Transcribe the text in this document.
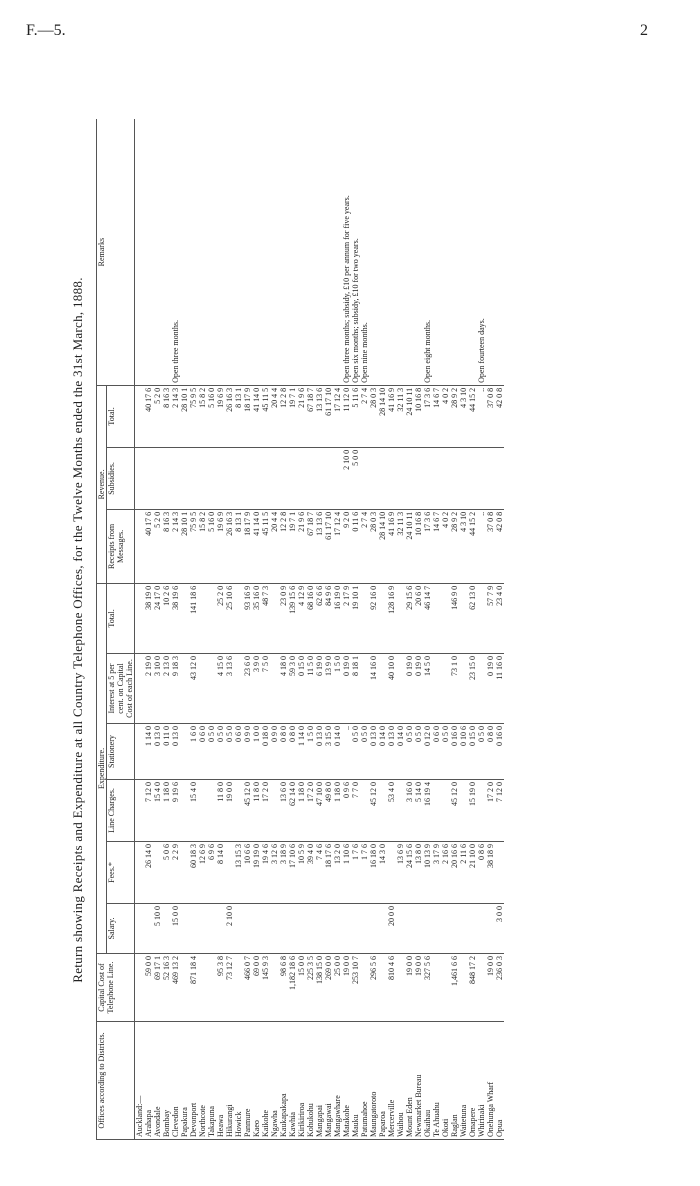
F.—5.	2
Return showing Receipts and Expenditure at all Country Telephone Offices, for the Twelve Months ended the 31st March, 1888.
Offices according to Districts.	Capital Cost of Telephone Line.	Expenditure.						Revenue.			Remarks
		Salary.	Fees.*	Line Charges.	Stationery	Interest at 5 per cent. on Capital Cost of each Line.	Total.	Receipts from Messages.	Subsidies.	Total.	
Auckland:—											
Arahapa	59 0 0		26 14 0	7 12 0	1 14 0	2 19 0	38 19 0	40 17 6		40 17 6	
Avondale	69 17 1	5 10 0		15 4 0	0 13 0	3 10 0	24 17 0	5 2 0		5 2 0	
Bombay	52 16 3		5 0 6	1 18 0	0 11 0	2 13 0	10 2 6	8 16 3		8 16 3	
Clevedon	469 13 2	15 0 0	2 2 9	9 19 6	0 13 0	9 18 3	38 19 6	2 14 3		2 14 3	Open three months.
Papakura								28 10 1		28 10 1	
Devonport	871 18 4		60 18 3	15 4 0	1 6 0	43 12 0	141 18 6	75 9 5		75 9 5	
Northcote			12 6 9		0 6 0			15 8 2		15 8 2	
Takapuna			6 9 6		0 5 0			5 16 0		5 16 0	
Heawa	95 3 8		8 14 0	11 8 0	0 5 0	4 15 0	25 2 0	19 6 9		19 6 9	
Hikurangi	73 12 7	2 10 0		19 0 0	0 5 0	3 13 6	25 10 6	26 16 3		26 16 3	
Howick			13 15 3		0 6 0			8 13 1		8 13 1	
Panmure	466 0 7		10 6 6	45 12 0	0 9 0	23 6 0	93 16 9	18 17 9		18 17 9	
Kaeo	69 0 0		19 19 0	11 8 0	1 0 0	3 9 0	35 16 0	41 14 0		41 14 0	
Kaikohe	145 9 3		19 4 6	17 2 0	0 18 0	7 5 0	48 7 3	45 11 5		45 11 5	
Ngawha			3 12 6		0 9 0			20 4 4		20 4 4	
Kaukapakapa	98 6 8		3 18 9	13 6 0	0 8 0	4 18 0	23 0 9	12 2 8		12 2 8	
Kawhia	1,182 18 6		17 10 6	62 14 0	0 8 0	59 3 0	139 15 6	19 7 1		19 7 1	
Kirikiriroa	15 0 0		10 5 9	1 18 0	1 14 0	0 15 0	4 12 9	21 9 6		21 9 6	
Kohukohu	225 3 5		39 4 0	17 2 0	1 5 0	11 5 0	68 16 0	67 18 7		67 18 7	
Mangapai	138 15 0		7 4 6	47 10 0	0 13 0	6 19 0	62 6 6	13 13 6		13 13 6	
Mangawai	269 0 0		18 17 6	49 8 0	3 15 0	13 9 0	84 9 6	61 17 10		61 17 10	
Mangawhare	25 0 0		13 2 0	1 18 0	0 14 0	1 5 0	16 19 0	17 12 4		17 12 4	
Matakohe	19 0 0		1 10 6	0 9 6	..	0 19 0	2 17 9	9 2 0	2 10 0	11 12 0	Open three months; subsidy, £10 per annum for five years.
Mauku	253 10 7		1 7 6	7 7 0	0 5 0	8 18 1	19 10 1	0 11 6	5 0 0	5 11 6	Open six months; subsidy, £10 for two years.
Patumahoe			1 7 6		0 5 0			2 7 4		2 7 4	Open nine months.
Maungatoroto	296 5 6		16 18 0	45 12 0	0 13 0	14 16 0	92 16 0	28 0 3		28 0 3	
Paparoa			14 3 0		0 14 0			28 14 10		28 14 10	
Mercerville	810 4 6	20 0 0		53 4 0	0 13 0	40 10 0	128 16 9	41 16 9		41 16 9	
Waihou			13 6 9		0 14 0			32 11 3		32 11 3	
Mount Eden	19 0 0		24 15 6	3 16 0	0 5 0	0 19 0	29 15 6	24 10 11		24 10 11	
Newmarket Bureau	19 0 0		13 8 0	5 14 0	0 5 0	0 19 0	20 6 0	10 16 8		10 16 8	
Okaihau	327 5 6		10 13 9	16 19 4	0 12 0	14 5 0	46 14 7	17 3 6		17 3 6	Open eight months.
Te Ahuahu			3 17 9		0 6 0			14 6 7		14 6 7	
Okoti			2 16 6		0 5 0			4 0 2		4 0 2	
Raglan	1,461 6 6		20 16 6	45 12 0	0 16 0	73 1 0	146 9 0	28 9 2		28 9 2	
Waitetuna			2 11 6		0 10 6			4 3 10		4 3 10	
Omapere	848 17 2		21 10 0	15 19 0	0 15 0	23 15 0	62 13 0	44 15 2		44 15 2	
Whirinaki			0 8 6		0 5 0			..		..	Open fourteen days.
Onehunga Wharf	19 0 0		38 18 9	17 2 0	0 8 0	0 19 0	57 7 9	37 0 8		37 0 8	
Opua	236 0 3	3 0 0		7 12 0	0 16 0	11 16 0	23 4 0	42 0 8		42 0 8	
